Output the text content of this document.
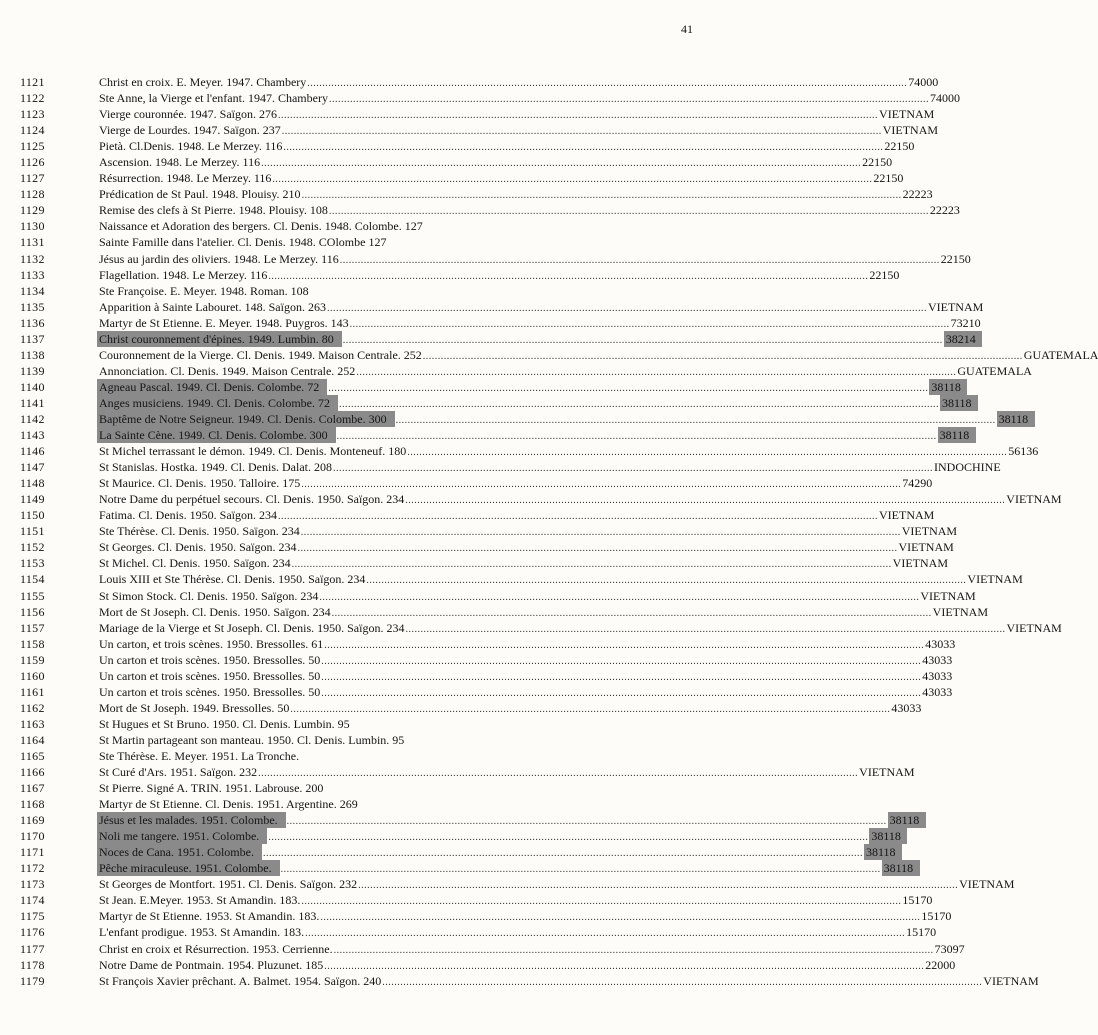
41
1121	Christ en croix. E. Meyer. 1947. Chambery ........................................................................................................................................................................................................ 74000
1122	Ste Anne, la Vierge et l'enfant. 1947. Chambery ........................................................................................................................................................................................................ 74000
1123	Vierge couronnée. 1947. Saïgon. 276 ........................................................................................................................................................................................................ VIETNAM
1124	Vierge de Lourdes. 1947. Saïgon. 237 ........................................................................................................................................................................................................ VIETNAM
1125	Pietà. Cl.Denis. 1948. Le Merzey. 116 ........................................................................................................................................................................................................ 22150
1126	Ascension. 1948. Le Merzey. 116 ........................................................................................................................................................................................................ 22150
1127	Résurrection. 1948. Le Merzey. 116 ........................................................................................................................................................................................................ 22150
1128	Prédication de St Paul. 1948. Plouisy. 210 ........................................................................................................................................................................................................ 22223
1129	Remise des clefs à St Pierre. 1948. Plouisy. 108 ........................................................................................................................................................................................................ 22223
1130	Naissance et Adoration des bergers. Cl. Denis. 1948. Colombe. 127
1131	Sainte Famille dans l'atelier. Cl. Denis. 1948. COlombe 127
1132	Jésus au jardin des oliviers. 1948. Le Merzey. 116 ........................................................................................................................................................................................................ 22150
1133	Flagellation. 1948. Le Merzey. 116 ........................................................................................................................................................................................................ 22150
1134	Ste Françoise. E. Meyer. 1948. Roman. 108
1135	Apparition à Sainte Labouret. 148. Saïgon. 263 ........................................................................................................................................................................................................ VIETNAM
1136	Martyr de St Etienne. E. Meyer. 1948. Puygros. 143 ........................................................................................................................................................................................................ 73210
1137	Christ couronnement d'épines. 1949. Lumbin. 80 ........................................................................................................................................................................................................ 38214
1138	Couronnement de la Vierge. Cl. Denis. 1949. Maison Centrale. 252 ........................................................................................................................................................................................................ GUATEMALA
1139	Annonciation. Cl. Denis. 1949. Maison Centrale. 252 ........................................................................................................................................................................................................ GUATEMALA
1140	Agneau Pascal. 1949. Cl. Denis. Colombe. 72 ........................................................................................................................................................................................................ 38118
1141	Anges musiciens. 1949. Cl. Denis. Colombe. 72 ........................................................................................................................................................................................................ 38118
1142	Baptême de Notre Seigneur. 1949. Cl. Denis. Colombe. 300 ........................................................................................................................................................................................................ 38118
1143	La Sainte Cène. 1949. Cl. Denis. Colombe. 300 ........................................................................................................................................................................................................ 38118
1146	St Michel terrassant le démon. 1949. Cl. Denis. Monteneuf. 180 ........................................................................................................................................................................................................ 56136
1147	St Stanislas. Hostka. 1949. Cl. Denis. Dalat. 208 ........................................................................................................................................................................................................ INDOCHINE
1148	St Maurice. Cl. Denis. 1950. Talloire. 175 ........................................................................................................................................................................................................ 74290
1149	Notre Dame du perpétuel secours. Cl. Denis. 1950. Saïgon. 234 ........................................................................................................................................................................................................ VIETNAM
1150	Fatima. Cl. Denis. 1950. Saïgon. 234 ........................................................................................................................................................................................................ VIETNAM
1151	Ste Thérèse. Cl. Denis. 1950. Saïgon. 234 ........................................................................................................................................................................................................ VIETNAM
1152	St Georges. Cl. Denis. 1950. Saïgon. 234 ........................................................................................................................................................................................................ VIETNAM
1153	St Michel. Cl. Denis. 1950. Saïgon. 234 ........................................................................................................................................................................................................ VIETNAM
1154	Louis XIII et Ste Thérèse. Cl. Denis. 1950. Saïgon. 234 ........................................................................................................................................................................................................ VIETNAM
1155	St Simon Stock. Cl. Denis. 1950. Saïgon. 234 ........................................................................................................................................................................................................ VIETNAM
1156	Mort de St Joseph. Cl. Denis. 1950. Saïgon. 234 ........................................................................................................................................................................................................ VIETNAM
1157	Mariage de la Vierge et St Joseph. Cl. Denis. 1950. Saïgon. 234 ........................................................................................................................................................................................................ VIETNAM
1158	Un carton, et trois scènes. 1950. Bressolles. 61 ........................................................................................................................................................................................................ 43033
1159	Un carton et trois scènes. 1950. Bressolles. 50 ........................................................................................................................................................................................................ 43033
1160	Un carton et trois scènes. 1950. Bressolles. 50 ........................................................................................................................................................................................................ 43033
1161	Un carton et trois scènes. 1950. Bressolles. 50 ........................................................................................................................................................................................................ 43033
1162	Mort de St Joseph. 1949. Bressolles. 50 ........................................................................................................................................................................................................ 43033
1163	St Hugues et St Bruno. 1950. Cl. Denis. Lumbin. 95
1164	St Martin partageant son manteau. 1950. Cl. Denis. Lumbin. 95
1165	Ste Thérèse. E. Meyer. 1951. La Tronche.
1166	St Curé d'Ars. 1951. Saïgon. 232 ........................................................................................................................................................................................................ VIETNAM
1167	St Pierre. Signé A. TRIN. 1951. Labrouse. 200
1168	Martyr de St Etienne. Cl. Denis. 1951. Argentine. 269
1169	Jésus et les malades. 1951. Colombe. ........................................................................................................................................................................................................ 38118
1170	Noli me tangere. 1951. Colombe. ........................................................................................................................................................................................................ 38118
1171	Noces de Cana. 1951. Colombe. ........................................................................................................................................................................................................ 38118
1172	Pêche miraculeuse. 1951. Colombe. ........................................................................................................................................................................................................ 38118
1173	St Georges de Montfort. 1951. Cl. Denis. Saïgon. 232 ........................................................................................................................................................................................................ VIETNAM
1174	St Jean. E.Meyer. 1953. St Amandin. 183. ........................................................................................................................................................................................................ 15170
1175	Martyr de St Etienne. 1953. St Amandin. 183. ........................................................................................................................................................................................................ 15170
1176	L'enfant prodigue. 1953. St Amandin. 183. ........................................................................................................................................................................................................ 15170
1177	Christ en croix et Résurrection. 1953. Cerrienne. ........................................................................................................................................................................................................ 73097
1178	Notre Dame de Pontmain. 1954. Pluzunet. 185 ........................................................................................................................................................................................................ 22000
1179	St François Xavier prêchant. A. Balmet. 1954. Saïgon. 240 ........................................................................................................................................................................................................ VIETNAM
